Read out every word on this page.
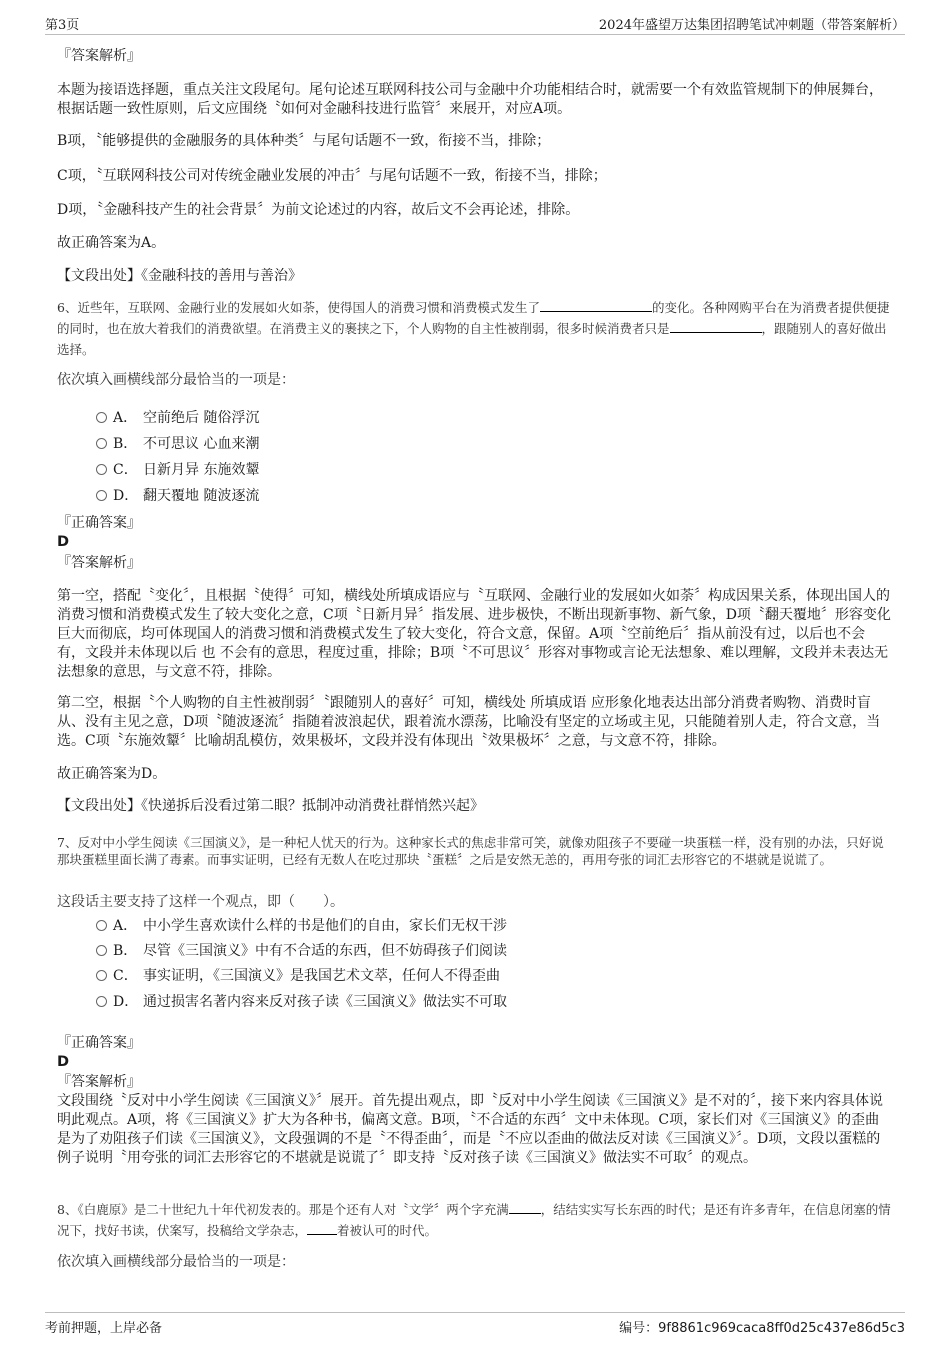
第3页	2024年盛望万达集团招聘笔试冲刺题（带答案解析）
『答案解析』
本题为接语选择题，重点关注文段尾句。尾句论述互联网科技公司与金融中介功能相结合时，就需要一个有效监管规制下的伸展舞台，根据话题一致性原则，后文应围绕〝如何对金融科技进行监管〞来展开，对应A项。
B项，〝能够提供的金融服务的具体种类〞与尾句话题不一致，衔接不当，排除；
C项，〝互联网科技公司对传统金融业发展的冲击〞与尾句话题不一致，衔接不当，排除；
D项，〝金融科技产生的社会背景〞为前文论述过的内容，故后文不会再论述，排除。
故正确答案为A。
【文段出处】《金融科技的善用与善治》
6、近些年，互联网、金融行业的发展如火如荼，使得国人的消费习惯和消费模式发生了	的变化。各种网购平台在为消费者提供便捷的同时，也在放大着我们的消费欲望。在消费主义的裹挟之下，个人购物的自主性被削弱，很多时候消费者只是	，跟随别人的喜好做出选择。
依次填入画横线部分最恰当的一项是：
A． 空前绝后 随俗浮沉
B． 不可思议 心血来潮
C． 日新月异 东施效颦
D． 翻天覆地 随波逐流
『正确答案』
D
『答案解析』
第一空，搭配〝变化〞，且根据〝使得〞可知，横线处所填成语应与〝互联网、金融行业的发展如火如荼〞构成因果关系，体现出国人的消费习惯和消费模式发生了较大变化之意，C项〝日新月异〞指发展、进步极快，不断出现新事物、新气象，D项〝翻天覆地〞形容变化巨大而彻底，均可体现国人的消费习惯和消费模式发生了较大变化，符合文意，保留。A项〝空前绝后〞指从前没有过，以后也不会有，文段并未体现以后 也 不会有的意思，程度过重，排除；B项〝不可思议〞形容对事物或言论无法想象、难以理解，文段并未表达无法想象的意思，与文意不符，排除。
第二空，根据〝个人购物的自主性被削弱〞〝跟随别人的喜好〞可知，横线处 所填成语 应形象化地表达出部分消费者购物、消费时盲从、没有主见之意，D项〝随波逐流〞指随着波浪起伏，跟着流水漂荡，比喻没有坚定的立场或主见，只能随着别人走，符合文意，当选。C项〝东施效颦〞比喻胡乱模仿，效果极坏，文段并没有体现出〝效果极坏〞之意，与文意不符，排除。
故正确答案为D。
【文段出处】《快递拆后没看过第二眼？抵制冲动消费社群悄然兴起》
7、反对中小学生阅读《三国演义》，是一种杞人忧天的行为。这种家长式的焦虑非常可笑，就像劝阻孩子不要碰一块蛋糕一样，没有别的办法，只好说那块蛋糕里面长满了毒素。而事实证明，已经有无数人在吃过那块〝蛋糕〞之后是安然无恙的，再用夸张的词汇去形容它的不堪就是说谎了。
这段话主要支持了这样一个观点，即（　　）。
A． 中小学生喜欢读什么样的书是他们的自由，家长们无权干涉
B． 尽管《三国演义》中有不合适的东西，但不妨碍孩子们阅读
C． 事实证明，《三国演义》是我国艺术文萃，任何人不得歪曲
D． 通过损害名著内容来反对孩子读《三国演义》做法实不可取
『正确答案』
D
『答案解析』
文段围绕〝反对中小学生阅读《三国演义》〞展开。首先提出观点，即〝反对中小学生阅读《三国演义》是不对的〞，接下来内容具体说明此观点。A项，将《三国演义》扩大为各种书，偏离文意。B项，〝不合适的东西〞文中未体现。C项，家长们对《三国演义》的歪曲是为了劝阻孩子们读《三国演义》，文段强调的不是〝不得歪曲〞，而是〝不应以歪曲的做法反对读《三国演义》〞。D项，文段以蛋糕的例子说明〝用夸张的词汇去形容它的不堪就是说谎了〞即支持〝反对孩子读《三国演义》做法实不可取〞的观点。
8、《白鹿原》是二十世纪九十年代初发表的。那是个还有人对〝文学〞两个字充满	，结结实实写长东西的时代；是还有许多青年，在信息闭塞的情况下，找好书读，伏案写，投稿给文学杂志， 着被认可的时代。
依次填入画横线部分最恰当的一项是：
考前押题，上岸必备	编号：9f8861c969caca8ff0d25c437e86d5c3
